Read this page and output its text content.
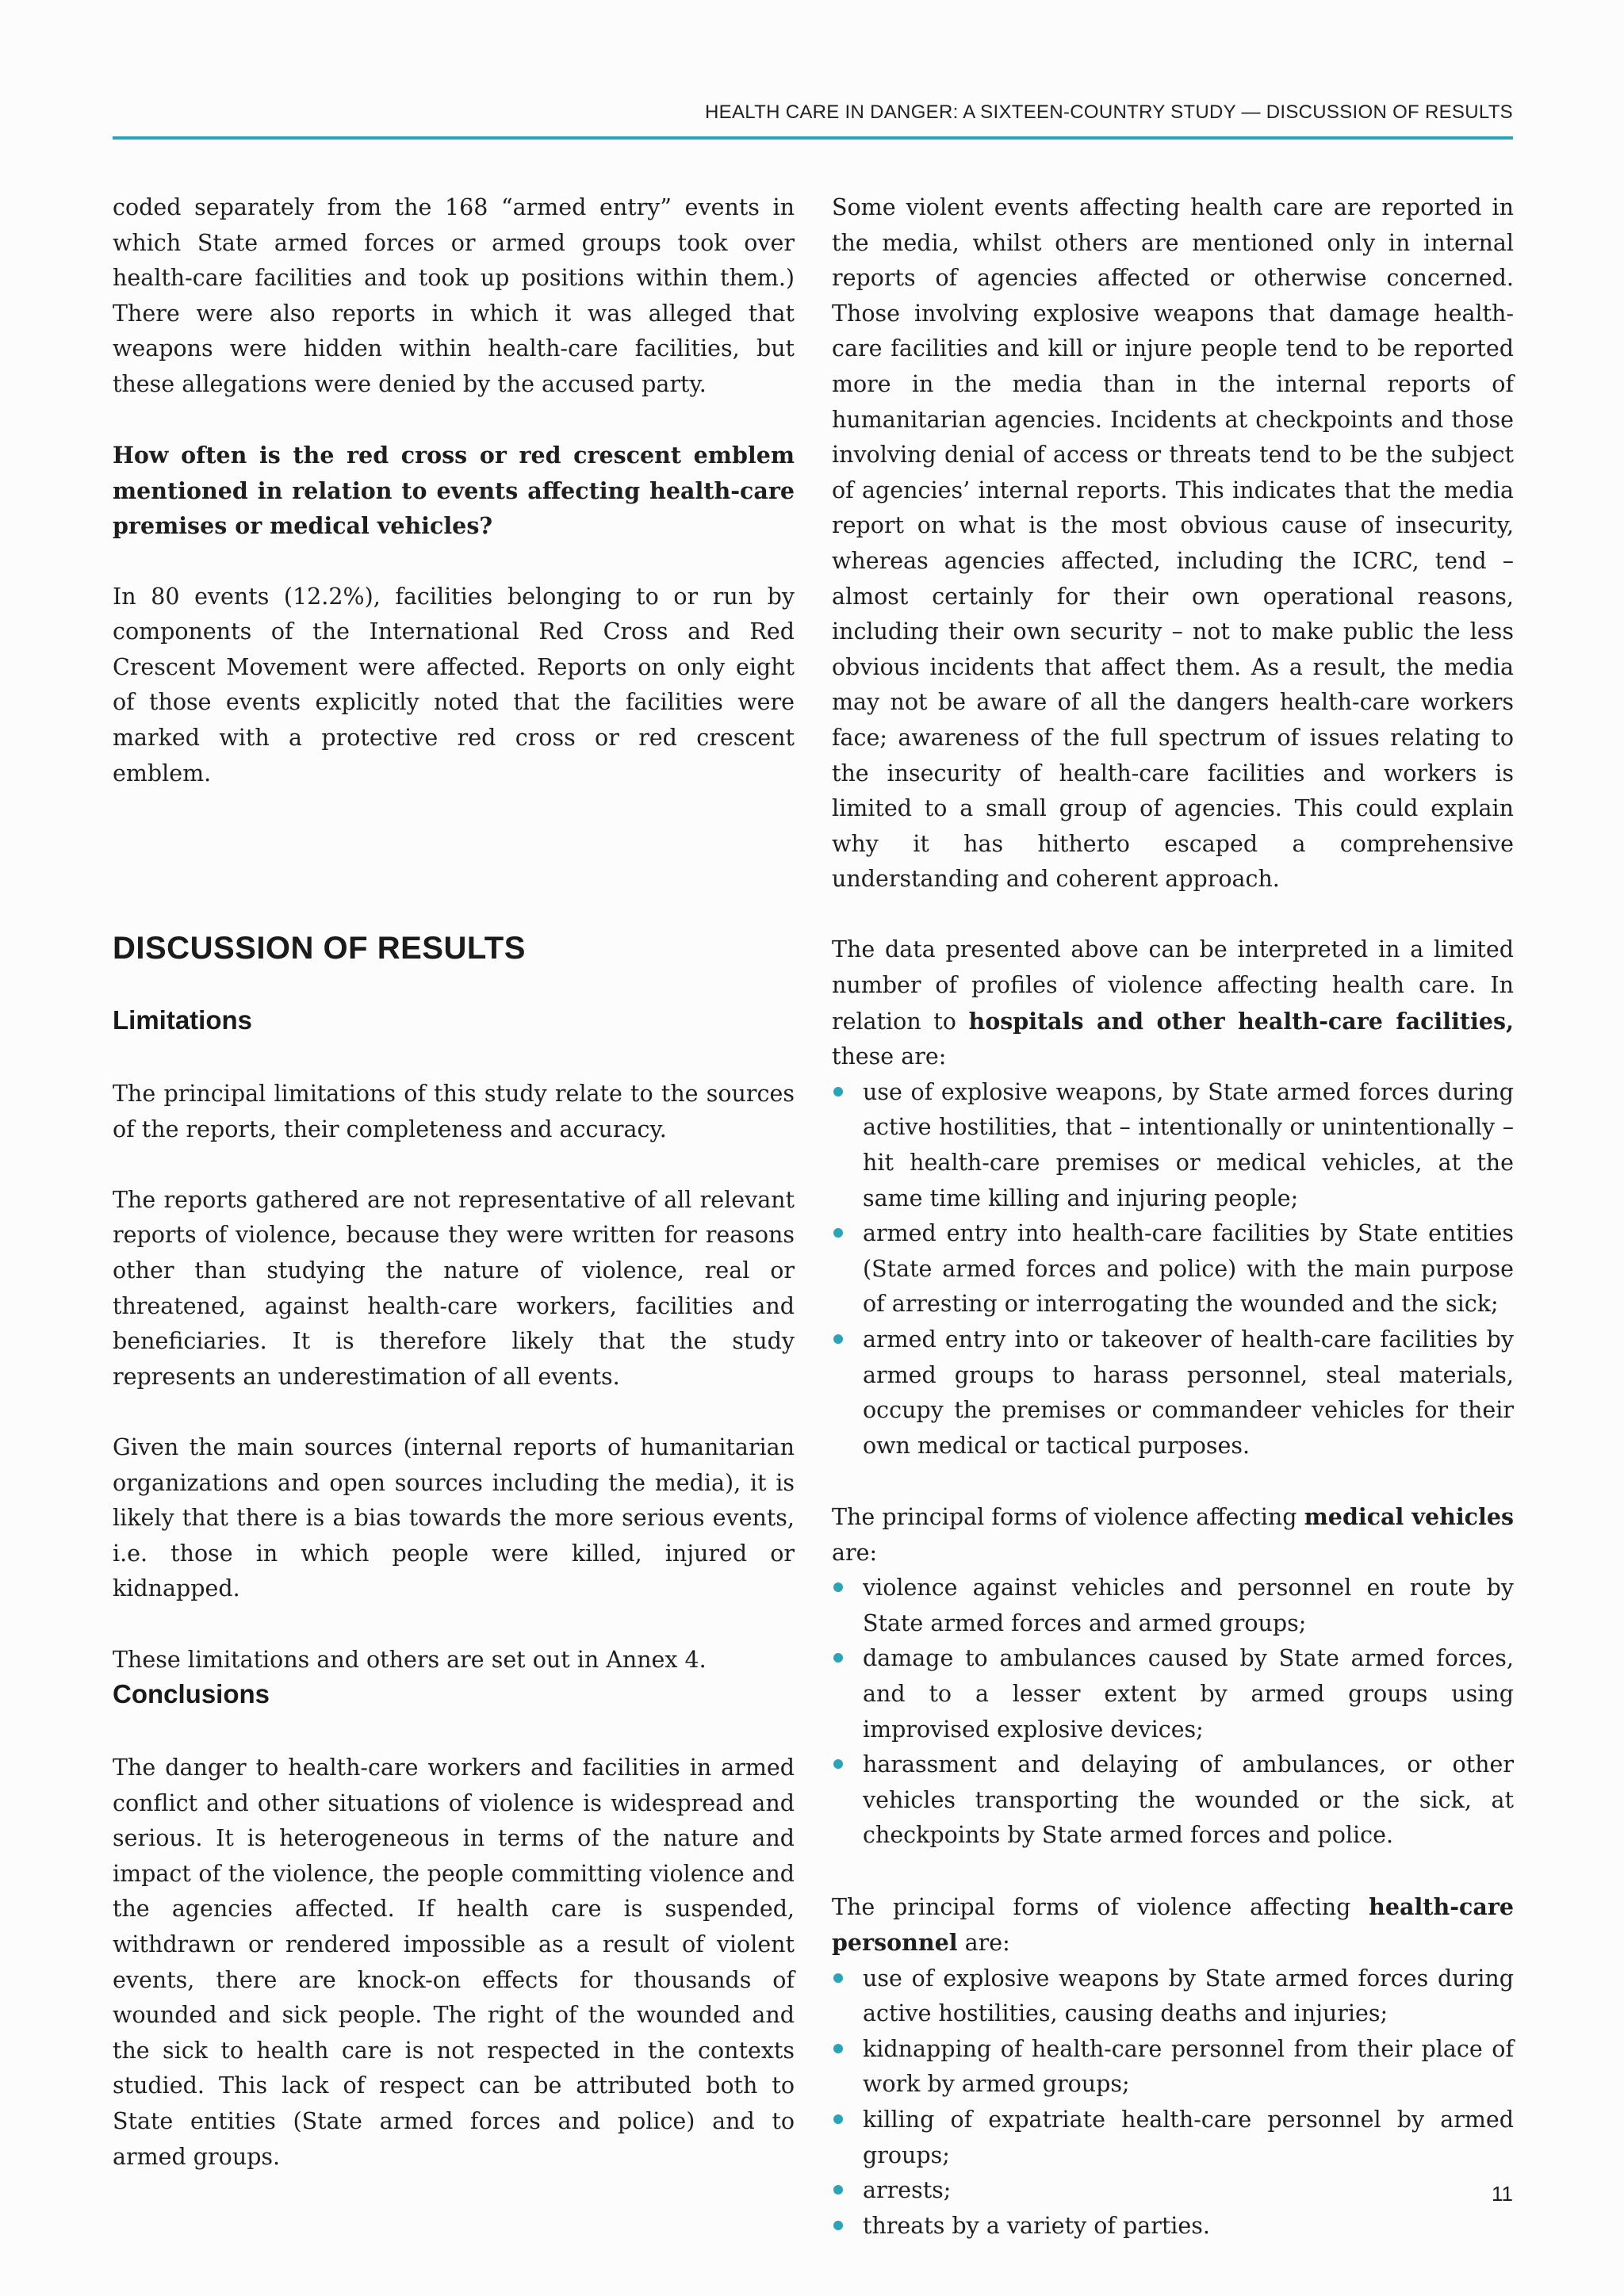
HEALTH CARE IN DANGER: A SIXTEEN-COUNTRY STUDY — DISCUSSION OF RESULTS

coded separately from the 168 “armed entry” events in which State armed forces or armed groups took over health-care facilities and took up positions within them.) There were also reports in which it was alleged that weapons were hidden within health-care facilities, but these allegations were denied by the accused party.

How often is the red cross or red crescent emblem mentioned in relation to events affecting health-care premises or medical vehicles?

In 80 events (12.2%), facilities belonging to or run by components of the International Red Cross and Red Crescent Movement were affected. Reports on only eight of those events explicitly noted that the facilities were marked with a protective red cross or red crescent emblem.

DISCUSSION OF RESULTS
Limitations

The principal limitations of this study relate to the sources of the reports, their completeness and accuracy.

The reports gathered are not representative of all relevant reports of violence, because they were written for reasons other than studying the nature of violence, real or threatened, against health-care workers, facilities and beneficiaries. It is therefore likely that the study represents an underestimation of all events.

Given the main sources (internal reports of humanitarian organizations and open sources including the media), it is likely that there is a bias towards the more serious events, i.e. those in which people were killed, injured or kidnapped.

These limitations and others are set out in Annex 4.

Conclusions

The danger to health-care workers and facilities in armed conflict and other situations of violence is widespread and serious. It is heterogeneous in terms of the nature and impact of the violence, the people committing violence and the agencies affected. If health care is suspended, withdrawn or rendered impossible as a result of violent events, there are knock-on effects for thousands of wounded and sick people. The right of the wounded and the sick to health care is not respected in the contexts studied. This lack of respect can be attributed both to State entities (State armed forces and police) and to armed groups.

Some violent events affecting health care are reported in the media, whilst others are mentioned only in internal reports of agencies affected or otherwise concerned. Those involving explosive weapons that damage health-care facilities and kill or injure people tend to be reported more in the media than in the internal reports of humanitarian agencies. Incidents at checkpoints and those involving denial of access or threats tend to be the subject of agencies’ internal reports. This indicates that the media report on what is the most obvious cause of insecurity, whereas agencies affected, including the ICRC, tend – almost certainly for their own operational reasons, including their own security – not to make public the less obvious incidents that affect them. As a result, the media may not be aware of all the dangers health-care workers face; awareness of the full spectrum of issues relating to the insecurity of health-care facilities and workers is limited to a small group of agencies. This could explain why it has hitherto escaped a comprehensive understanding and coherent approach.

The data presented above can be interpreted in a limited number of profiles of violence affecting health care. In relation to hospitals and other health-care facilities, these are:

use of explosive weapons, by State armed forces during active hostilities, that – intentionally or unintentionally – hit health-care premises or medical vehicles, at the same time killing and injuring people;
armed entry into health-care facilities by State entities (State armed forces and police) with the main purpose of arresting or interrogating the wounded and the sick;
armed entry into or takeover of health-care facilities by armed groups to harass personnel, steal materials, occupy the premises or commandeer vehicles for their own medical or tactical purposes.

The principal forms of violence affecting medical vehicles are:

violence against vehicles and personnel en route by State armed forces and armed groups;
damage to ambulances caused by State armed forces, and to a lesser extent by armed groups using improvised explosive devices;
harassment and delaying of ambulances, or other vehicles transporting the wounded or the sick, at checkpoints by State armed forces and police.

The principal forms of violence affecting health-care personnel are:

use of explosive weapons by State armed forces during active hostilities, causing deaths and injuries;
kidnapping of health-care personnel from their place of work by armed groups;
killing of expatriate health-care personnel by armed groups;
arrests;
threats by a variety of parties.
11
